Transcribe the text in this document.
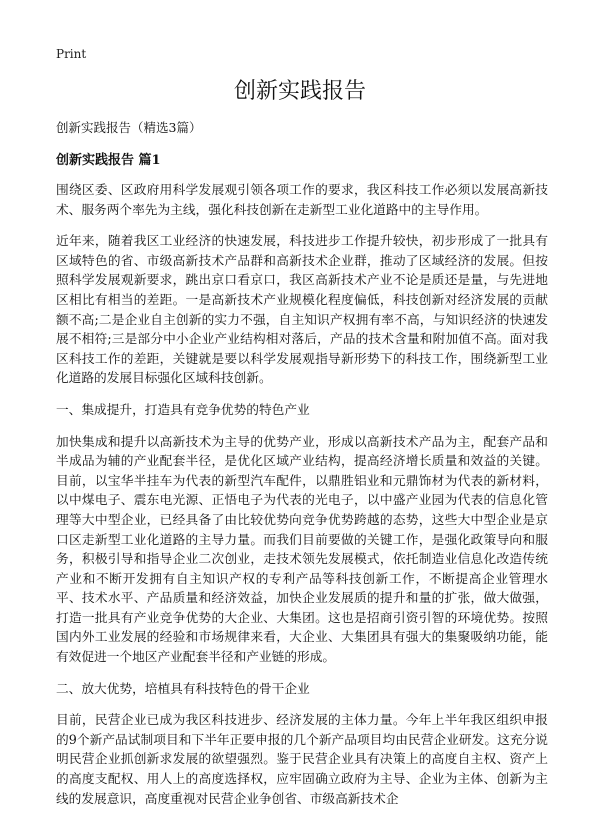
Print
创新实践报告
创新实践报告（精选3篇）
创新实践报告 篇1

围绕区委、区政府用科学发展观引领各项工作的要求，我区科技工作必须以发展高新技术、服务两个率先为主线，强化科技创新在走新型工业化道路中的主导作用。

近年来，随着我区工业经济的快速发展，科技进步工作提升较快，初步形成了一批具有区域特色的省、市级高新技术产品群和高新技术企业群，推动了区域经济的发展。但按照科学发展观新要求，跳出京口看京口，我区高新技术产业不论是质还是量，与先进地区相比有相当的差距。一是高新技术产业规模化程度偏低，科技创新对经济发展的贡献额不高;二是企业自主创新的实力不强，自主知识产权拥有率不高，与知识经济的快速发展不相符;三是部分中小企业产业结构相对落后，产品的技术含量和附加值不高。面对我区科技工作的差距，关键就是要以科学发展观指导新形势下的科技工作，围绕新型工业化道路的发展目标强化区域科技创新。

一、集成提升，打造具有竞争优势的特色产业

加快集成和提升以高新技术为主导的优势产业，形成以高新技术产品为主，配套产品和半成品为辅的产业配套半径，是优化区域产业结构，提高经济增长质量和效益的关键。目前，以宝华半挂车为代表的新型汽车配件，以鼎胜铝业和元鼎饰材为代表的新材料，以中煤电子、震东电光源、正悟电子为代表的光电子，以中盛产业园为代表的信息化管理等大中型企业，已经具备了由比较优势向竞争优势跨越的态势，这些大中型企业是京口区走新型工业化道路的主导力量。而我们目前要做的关键工作，是强化政策导向和服务，积极引导和指导企业二次创业，走技术领先发展模式，依托制造业信息化改造传统产业和不断开发拥有自主知识产权的专利产品等科技创新工作，不断提高企业管理水平、技术水平、产品质量和经济效益，加快企业发展质的提升和量的扩张，做大做强，打造一批具有产业竞争优势的大企业、大集团。这也是招商引资引智的环境优势。按照国内外工业发展的经验和市场规律来看，大企业、大集团具有强大的集聚吸纳功能，能有效促进一个地区产业配套半径和产业链的形成。

二、放大优势，培植具有科技特色的骨干企业

目前，民营企业已成为我区科技进步、经济发展的主体力量。今年上半年我区组织申报的9个新产品试制项目和下半年正要申报的几个新产品项目均由民营企业研发。这充分说明民营企业抓创新求发展的欲望强烈。鉴于民营企业具有决策上的高度自主权、资产上的高度支配权、用人上的高度选择权，应牢固确立政府为主导、企业为主体、创新为主线的发展意识，高度重视对民营企业争创省、市级高新技术企
